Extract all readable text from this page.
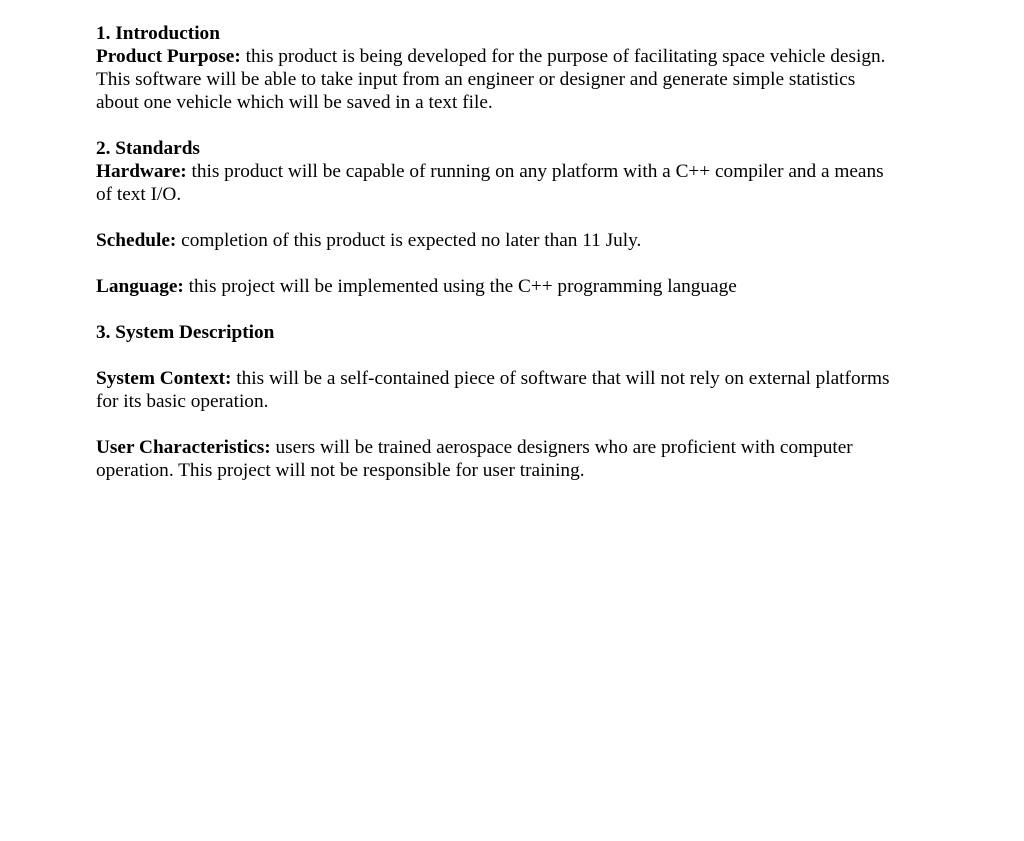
1. Introduction

Product Purpose: this product is being developed for the purpose of facilitating space vehicle design.

This software will be able to take input from an engineer or designer and generate simple statistics

about one vehicle which will be saved in a text file.

2. Standards

Hardware: this product will be capable of running on any platform with a C++ compiler and a means

of text I/O.

Schedule: completion of this product is expected no later than 11 July.

Language: this project will be implemented using the C++ programming language

3. System Description

System Context: this will be a self-contained piece of software that will not rely on external platforms

for its basic operation.

User Characteristics: users will be trained aerospace designers who are proficient with computer

operation. This project will not be responsible for user training.
